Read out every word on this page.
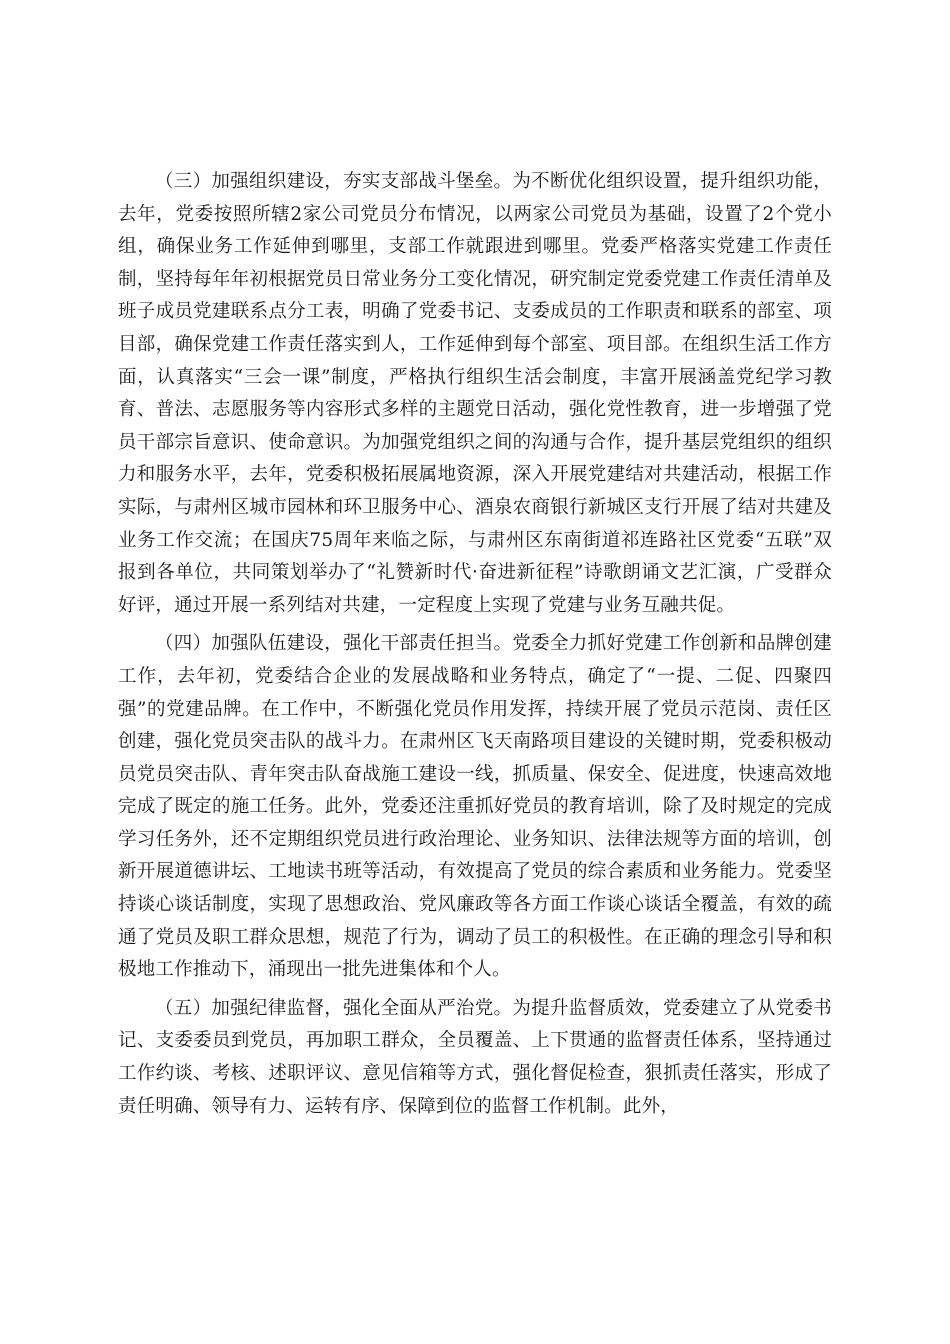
（三）加强组织建设，夯实支部战斗堡垒。为不断优化组织设置，提升组织功能，去年，党委按照所辖2家公司党员分布情况，以两家公司党员为基础，设置了2个党小组，确保业务工作延伸到哪里，支部工作就跟进到哪里。党委严格落实党建工作责任制，坚持每年年初根据党员日常业务分工变化情况，研究制定党委党建工作责任清单及班子成员党建联系点分工表，明确了党委书记、支委成员的工作职责和联系的部室、项目部，确保党建工作责任落实到人，工作延伸到每个部室、项目部。在组织生活工作方面，认真落实“三会一课”制度，严格执行组织生活会制度，丰富开展涵盖党纪学习教育、普法、志愿服务等内容形式多样的主题党日活动，强化党性教育，进一步增强了党员干部宗旨意识、使命意识。为加强党组织之间的沟通与合作，提升基层党组织的组织力和服务水平，去年，党委积极拓展属地资源，深入开展党建结对共建活动，根据工作实际，与肃州区城市园林和环卫服务中心、酒泉农商银行新城区支行开展了结对共建及业务工作交流；在国庆75周年来临之际，与肃州区东南街道祁连路社区党委“五联”双报到各单位，共同策划举办了“礼赞新时代·奋进新征程”诗歌朗诵文艺汇演，广受群众好评，通过开展一系列结对共建，一定程度上实现了党建与业务互融共促。

（四）加强队伍建设，强化干部责任担当。党委全力抓好党建工作创新和品牌创建工作，去年初，党委结合企业的发展战略和业务特点，确定了“一提、二促、四聚四强”的党建品牌。在工作中，不断强化党员作用发挥，持续开展了党员示范岗、责任区创建，强化党员突击队的战斗力。在肃州区飞天南路项目建设的关键时期，党委积极动员党员突击队、青年突击队奋战施工建设一线，抓质量、保安全、促进度，快速高效地完成了既定的施工任务。此外，党委还注重抓好党员的教育培训，除了及时规定的完成学习任务外，还不定期组织党员进行政治理论、业务知识、法律法规等方面的培训，创新开展道德讲坛、工地读书班等活动，有效提高了党员的综合素质和业务能力。党委坚持谈心谈话制度，实现了思想政治、党风廉政等各方面工作谈心谈话全覆盖，有效的疏通了党员及职工群众思想，规范了行为，调动了员工的积极性。在正确的理念引导和积极地工作推动下，涌现出一批先进集体和个人。

（五）加强纪律监督，强化全面从严治党。为提升监督质效，党委建立了从党委书记、支委委员到党员，再加职工群众，全员覆盖、上下贯通的监督责任体系，坚持通过工作约谈、考核、述职评议、意见信箱等方式，强化督促检查，狠抓责任落实，形成了责任明确、领导有力、运转有序、保障到位的监督工作机制。此外，
